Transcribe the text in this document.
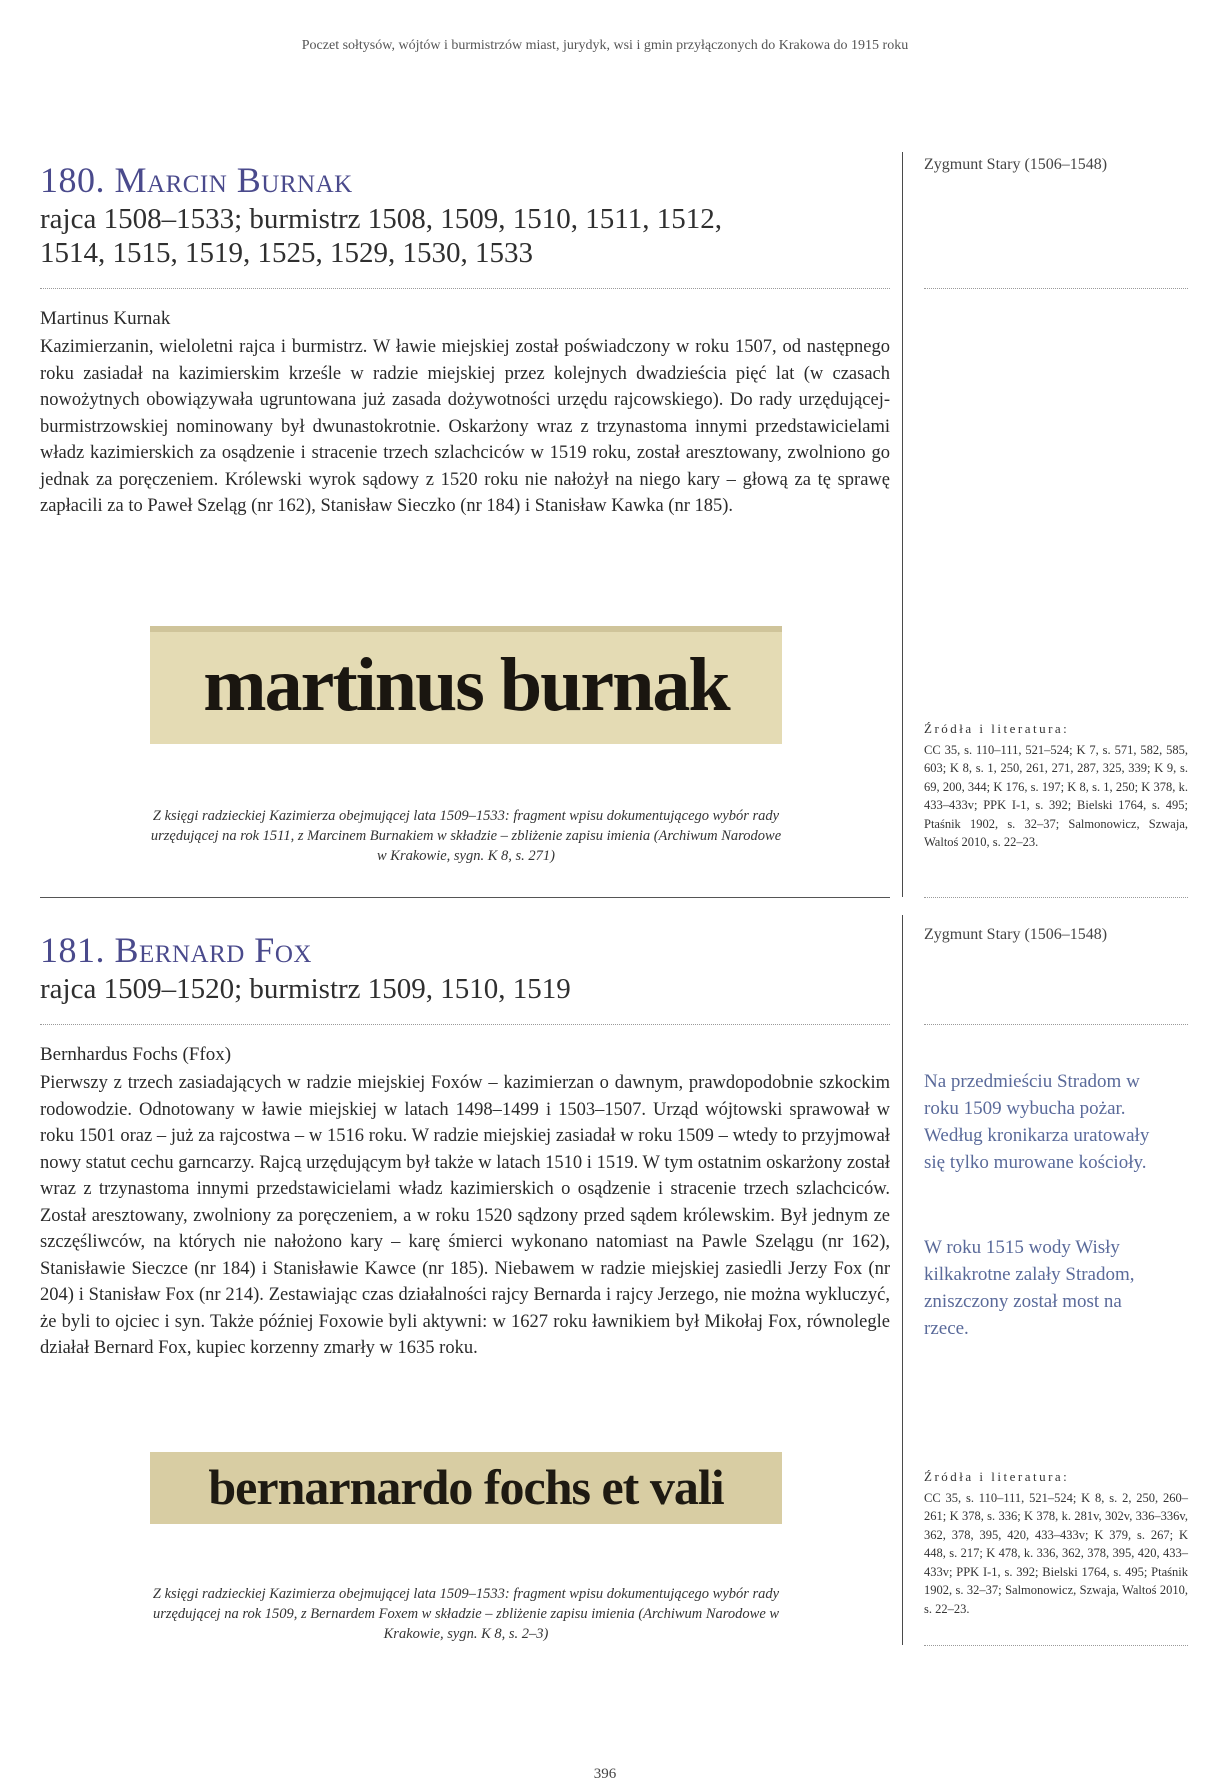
Poczet sołtysów, wójtów i burmistrzów miast, jurydyk, wsi i gmin przyłączonych do Krakowa do 1915 roku
180. Marcin Burnak
rajca 1508–1533; burmistrz 1508, 1509, 1510, 1511, 1512,
1514, 1515, 1519, 1525, 1529, 1530, 1533
Zygmunt Stary (1506–1548)
Martinus Kurnak
Kazimierzanin, wieloletni rajca i burmistrz. W ławie miejskiej został poświadczony w roku 1507, od następnego roku zasiadał na kazimierskim krześle w radzie miejskiej przez kolejnych dwadzieścia pięć lat (w czasach nowożytnych obowiązywała ugruntowana już zasada dożywotności urzędu rajcowskiego). Do rady urzędującej-burmistrzowskiej nominowany był dwunastokrotnie. Oskarżony wraz z trzynastoma innymi przedstawicielami władz kazimierskich za osądzenie i stracenie trzech szlachciców w 1519 roku, został aresztowany, zwolniono go jednak za poręczeniem. Królewski wyrok sądowy z 1520 roku nie nałożył na niego kary – głową za tę sprawę zapłacili za to Paweł Szeląg (nr 162), Stanisław Sieczko (nr 184) i Stanisław Kawka (nr 185).
martinus burnak
Z księgi radzieckiej Kazimierza obejmującej lata 1509–1533: fragment wpisu dokumentującego wybór rady urzędującej na rok 1511, z Marcinem Burnakiem w składzie – zbliżenie zapisu imienia (Archiwum Narodowe w Krakowie, sygn. K 8, s. 271)
Źródła i literatura:
CC 35, s. 110–111, 521–524; K 7, s. 571, 582, 585, 603; K 8, s. 1, 250, 261, 271, 287, 325, 339; K 9, s. 69, 200, 344; K 176, s. 197; K 8, s. 1, 250; K 378, k. 433–433v; PPK I-1, s. 392; Bielski 1764, s. 495; Ptaśnik 1902, s. 32–37; Salmonowicz, Szwaja, Waltoś 2010, s. 22–23.
181. Bernard Fox
rajca 1509–1520; burmistrz 1509, 1510, 1519
Zygmunt Stary (1506–1548)
Bernhardus Fochs (Ffox)
Pierwszy z trzech zasiadających w radzie miejskiej Foxów – kazimierzan o dawnym, prawdopodobnie szkockim rodowodzie. Odnotowany w ławie miejskiej w latach 1498–1499 i 1503–1507. Urząd wójtowski sprawował w roku 1501 oraz – już za rajcostwa – w 1516 roku. W radzie miejskiej zasiadał w roku 1509 – wtedy to przyjmował nowy statut cechu garncarzy. Rajcą urzędującym był także w latach 1510 i 1519. W tym ostatnim oskarżony został wraz z trzynastoma innymi przedstawicielami władz kazimierskich o osądzenie i stracenie trzech szlachciców. Został aresztowany, zwolniony za poręczeniem, a w roku 1520 sądzony przed sądem królewskim. Był jednym ze szczęśliwców, na których nie nałożono kary – karę śmierci wykonano natomiast na Pawle Szelągu (nr 162), Stanisławie Sieczce (nr 184) i Stanisławie Kawce (nr 185). Niebawem w radzie miejskiej zasiedli Jerzy Fox (nr 204) i Stanisław Fox (nr 214). Zestawiając czas działalności rajcy Bernarda i rajcy Jerzego, nie można wykluczyć, że byli to ojciec i syn. Także później Foxowie byli aktywni: w 1627 roku ławnikiem był Mikołaj Fox, równolegle działał Bernard Fox, kupiec korzenny zmarły w 1635 roku.
Na przedmieściu Stradom w roku 1509 wybucha pożar. Według kronikarza uratowały się tylko murowane kościoły.
W roku 1515 wody Wisły kilkakrotne zalały Stradom, zniszczony został most na rzece.
bernarnardo fochs et vali
Z księgi radzieckiej Kazimierza obejmującej lata 1509–1533: fragment wpisu dokumentującego wybór rady urzędującej na rok 1509, z Bernardem Foxem w składzie – zbliżenie zapisu imienia (Archiwum Narodowe w Krakowie, sygn. K 8, s. 2–3)
Źródła i literatura:
CC 35, s. 110–111, 521–524; K 8, s. 2, 250, 260–261; K 378, s. 336; K 378, k. 281v, 302v, 336–336v, 362, 378, 395, 420, 433–433v; K 379, s. 267; K 448, s. 217; K 478, k. 336, 362, 378, 395, 420, 433–433v; PPK I-1, s. 392; Bielski 1764, s. 495; Ptaśnik 1902, s. 32–37; Salmonowicz, Szwaja, Waltoś 2010, s. 22–23.
396
